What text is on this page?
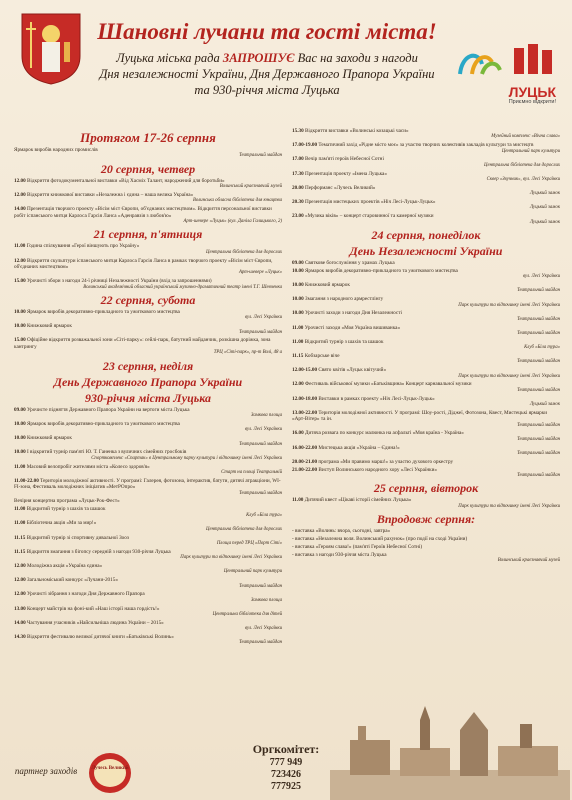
Шановні лучани та гості міста!

Луцька міська рада ЗАПРОШУЄ Вас на заходи з нагоди
Дня незалежності України, Дня Державного Прапора України
та 930-річчя міста Луцька	ЛУЦЬК
Приємно відкрити!
Протягом 17-26 серпня
Ярмарок виробів народних промислів
Театральний майдан
20 серпня, четвер
12.00 Відкриття фотодокументальної виставки «Від Хасміх Талант, народжений для боротьби»
Волинський краєзнавчий музей
12.00 Відкриття книжкової виставки «Незалежна і єдина – наша велика Україна»
Волинська обласна бібліотека для юнацтва
14.00 Презентація творчого проекту «Вісім міст Європи, об'єднаних мистецтвом». Відкриття персональної виставки робіт іспанського митця Карлоса Гарсія Ланса «Аденравзія з любов'ю»
Арт-шевере «Луцьк» (вул. Даніла Галицького, 2)
21 серпня, п'ятниця
11.00 Година спілкування «Герої віншують про Україну»
Центральна бібліотека для дорослих
12.00 Відкриття скульптури іспанського митця Карлоса Гарсія Ланса в рамках творчого проекту «Вісім міст Європи, об'єднаних мистецтвом»
Арт-шевере «Луцьк»
15.00 Урочисті збори з нагоди 24-ї річниці Незалежності України (вхід за запрошеннями)
Волинський академічний обласний український музично-драматичний театр імені Т.Г. Шевченка
22 серпня, субота
10.00 Ярмарок виробів декоративно-прикладного та ужиткового мистецтва
вул. Лесі Українки
10.00 Книжковий ярмарок
Театральний майдан
15.00 Офіційне відкриття розважальної зони «Сіті-парку»: сейлі-парк, батутний майданчик, розкішна доріжка, зона кантрингу
ТРЦ «Сіті-парк», пр-т Волі, 48 а
23 серпня, неділя
День Державного Прапора України
930-річчя міста Луцька
09.00 Урочисте підняття Державного Прапора України на вертоги міста Луцька
Замкова площа
10.00 Ярмарок виробів декоративно-прикладного та ужиткового мистецтва
вул. Лесі Українки
10.00 Книжковий ярмарок
Театральний майдан
10.00 І відкритий турнір пам'яті Ю. Т. Ганенка з вуличних сімейних гросбоків
Спорткомплекс «Спартак» в Центральному парку культури і відпочинку імені Лесі Українки
11.00 Масовий велопробіг жителями міста «Колесо здоров'я»
Старт на площі Театральній
11.00-22.00 Територія молодіжної активності. У програмі: Галерея, фотозона, інтерактив, батути, дитячі атракціони, WI-FI-зона, Фестиваль молодіжних ініціатив «МетРОпро»
Театральний майдан
Вечірня концертна програма «Луцьк-Рок-Фест»
11.00 Відкритий турнір з шахів та шашок
Клуб «Біла тура»
11.00 Бібліотечна акція «Ми за мир!»
Центральна бібліотека для дорослих
11.15 Відкритий турнір зі спортивну дивальної Зооз
Площа перед ТРЦ «Порт Сіті»
11.15 Відкриття змагання з бігопсу середній з нагоди 930-річчя Луцька
Парк культури та відпочинку імені Лесі Українки
12.00 Молодіжна акція «Україна єдина»
Центральний парк культури
12.00 Загальноміський конкурс «Лучани-2015»
Театральний майдан
12.00 Урочисті зібрання з нагоди Дня Державного Прапора
Замкова площа
13.00 Концерт майстрів на фоні-кий «Наш історії наша гордість!»
Центральна бібліотека для дітей
14.00 Частування учасників «Найсильніша людина України – 2015»
вул. Лесі Українки
14.30 Відкриття фестивалю великої дитячої книги «Батьківські Волинь»
Театральний майдан
15.30 Відкриття виставки «Волинські козацькі часи»
Музейний комплекс «Вічна слава»
17.00-19.00 Тематичний захід «Рідне місто моє» за участю творчих колективів закладів культури та мистецтв
Центральний парк культури
17.00 Вечір пам'яті героїв Небесної Сотні
Центральна бібліотека для дорослих
17.30 Презентація проекту «Імена Луцька»
Сквер «Звучник», вул. Лесі Українки
20.00 Перформанс «Лучесь Великий»
Луцький замок
20.30 Презентація мистецьких проектів «Ніч Лесі-Луцьк-Луцьк»
Луцький замок
23.00 «Музика віків» – концерт старовинної та камерної музики
Луцький замок
24 серпня, понеділок
День Незалежності України
09.00 Святкове богослужіння у храмах Луцька
10.00 Ярмарок виробів декоративно-прикладного та ужиткового мистецтва
вул. Лесі Українки
10.00 Книжковий ярмарок
Театральний майдан
10.00 Змагання з народного армрестлінгу
Парк культури та відпочинку імені Лесі Українки
10.00 Урочисті заходи з нагоди Дня Незалежності
Театральний майдан
11.00 Урочисті заходи «Моя Україна вишиванка»
Театральний майдан
11.00 Відкритий турнір з шахів та шашок
Клуб «Біла тура»
11.15 Кобзарське віче
Театральний майдан
12.00-15.00 Свято квітів «Луцьк квітучий»
Парк культури та відпочинку імені Лесі Українки
12.00 Фестиваль військової музики «Батьківщина» Концерт карнавальної музики
Театральний майдан
12.00-18.00 Виставки в рамках проекту «Ніч Лесі-Луцьк-Луцьк»
Луцький замок
13.00-22.00 Територія молодіжної активності. У програмі: Шоу-рості, Діджеї, Фотозона, Квест, Мистецькі ярмарки «Арт-Вітер» та ін.
Театральний майдан
16.00 Дитяча розвага по конкурс малюнка на асфальті «Моя країна - Україна»
Театральний майдан
16.00-22.00 Мистецька акція «Україна – Єдина!»
Театральний майдан
20.00-21.00 програма «Ми правимо марш!» за участю духового оркестру
21.00-22.00 Виступ Волинського народного хору «Лесі Українки»
Театральний майдан
25 серпня, вівторок
11.00 Дитячий квест «Цікаві історії сімейних Луцька»
Парк культури та відпочинку імені Лесі Українки
Впродовж серпня:
- виставка «Волинь: вчора, сьогодні, завтра»
- виставка «Незалежна воля. Волинський рахунок» (про події на сході України)
- виставка «Героям слава!» (пам'яті Героїв Небесної Сотні)
- виставка з нагоди 930-річчя міста Луцька
Волинський краєзнавчий музей
партнер заходів	Лучесь Великий
Оргкомітет:
777 949
723426
777925
